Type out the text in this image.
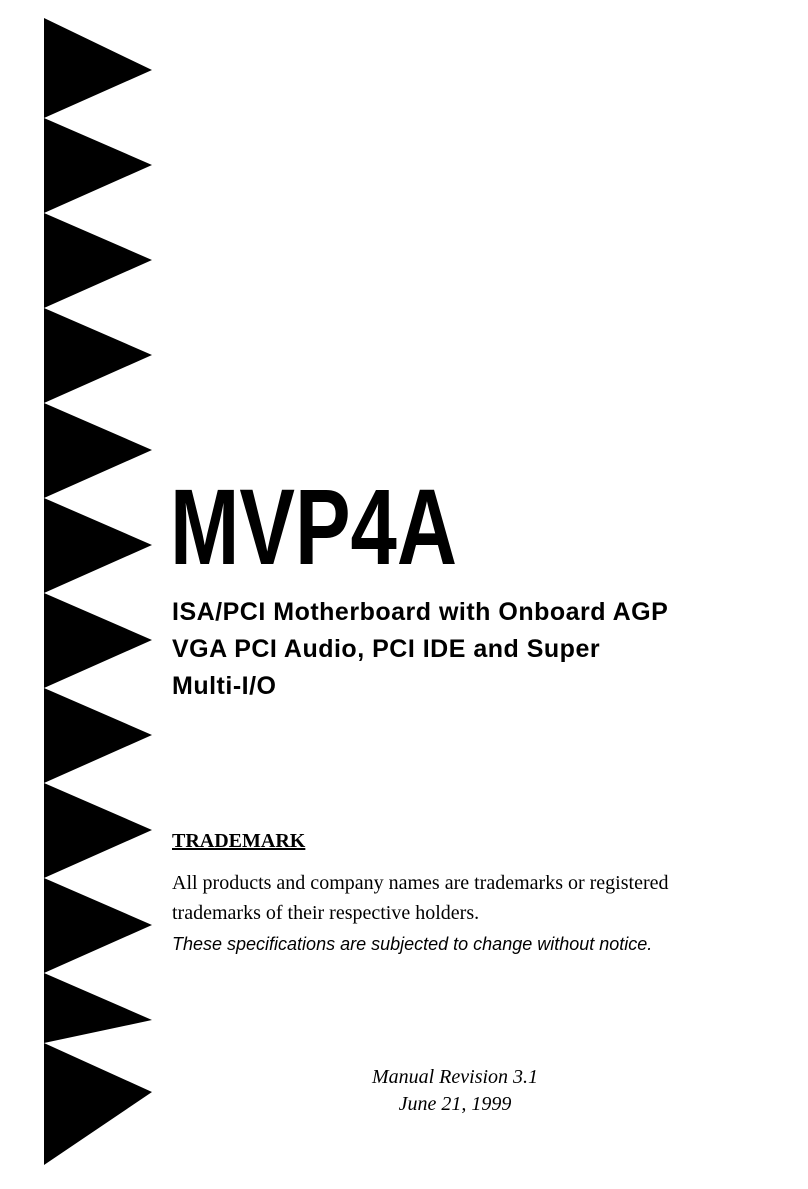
MVP4A
ISA/PCI Motherboard with Onboard AGP
VGA PCI Audio, PCI IDE and Super
Multi-I/O
TRADEMARK
All products and company names are trademarks or registered
trademarks of their respective holders.
These specifications are subjected to change without notice.
Manual Revision 3.1
June 21, 1999
